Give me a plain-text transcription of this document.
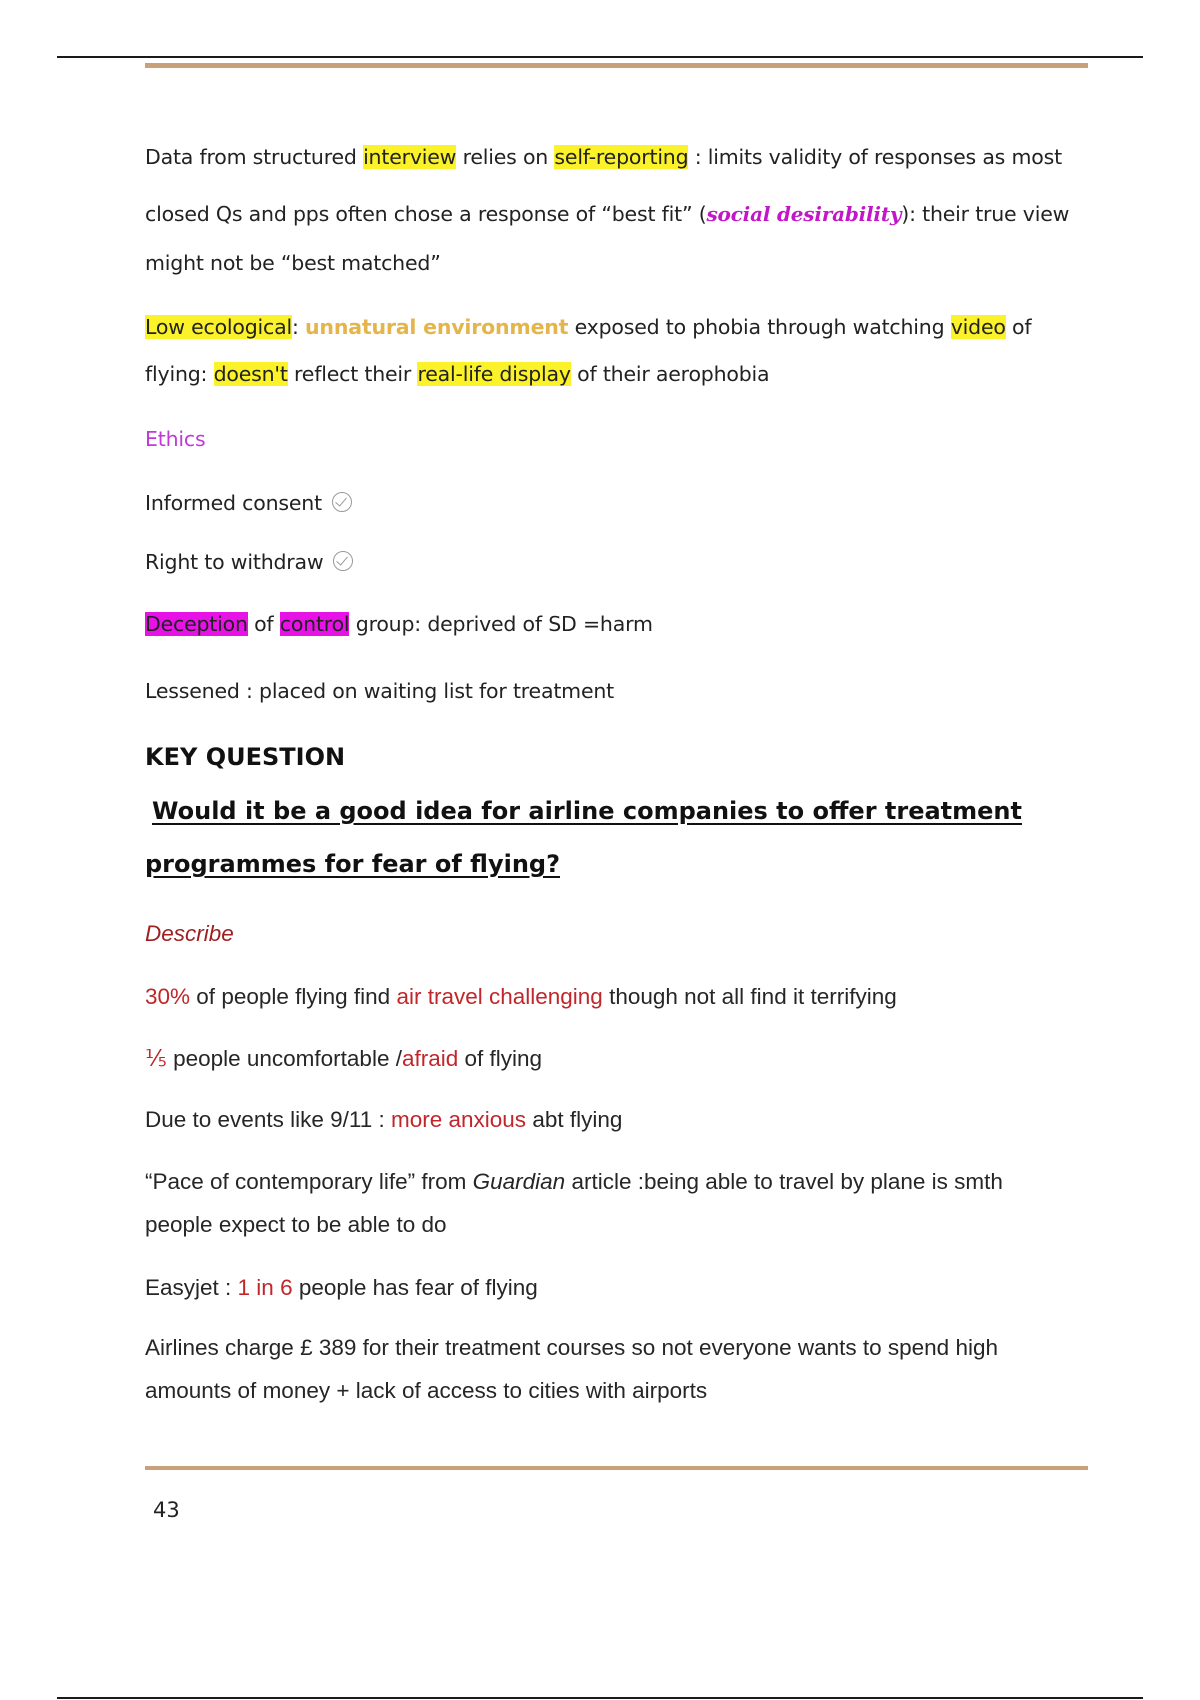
Data from structured interview relies on self-reporting : limits validity of responses as most
closed Qs and pps often chose a response of “best fit” (social desirability): their true view
might not be “best matched”
Low ecological: unnatural environment exposed to phobia through watching video of
flying: doesn't reflect their real-life display of their aerophobia
Ethics
Informed consent
Right to withdraw
Deception of control group: deprived of SD =harm
Lessened : placed on waiting list for treatment
KEY QUESTION
Would it be a good idea for airline companies to offer treatment
programmes for fear of flying?
Describe
30% of people flying find air travel challenging though not all find it terrifying
⅕ people uncomfortable /afraid of flying
Due to events like 9/11 : more anxious abt flying
“Pace of contemporary life” from Guardian article :being able to travel by plane is smth
people expect to be able to do
Easyjet : 1 in 6 people has fear of flying
Airlines charge £ 389 for their treatment courses so not everyone wants to spend high
amounts of money + lack of access to cities with airports
43
